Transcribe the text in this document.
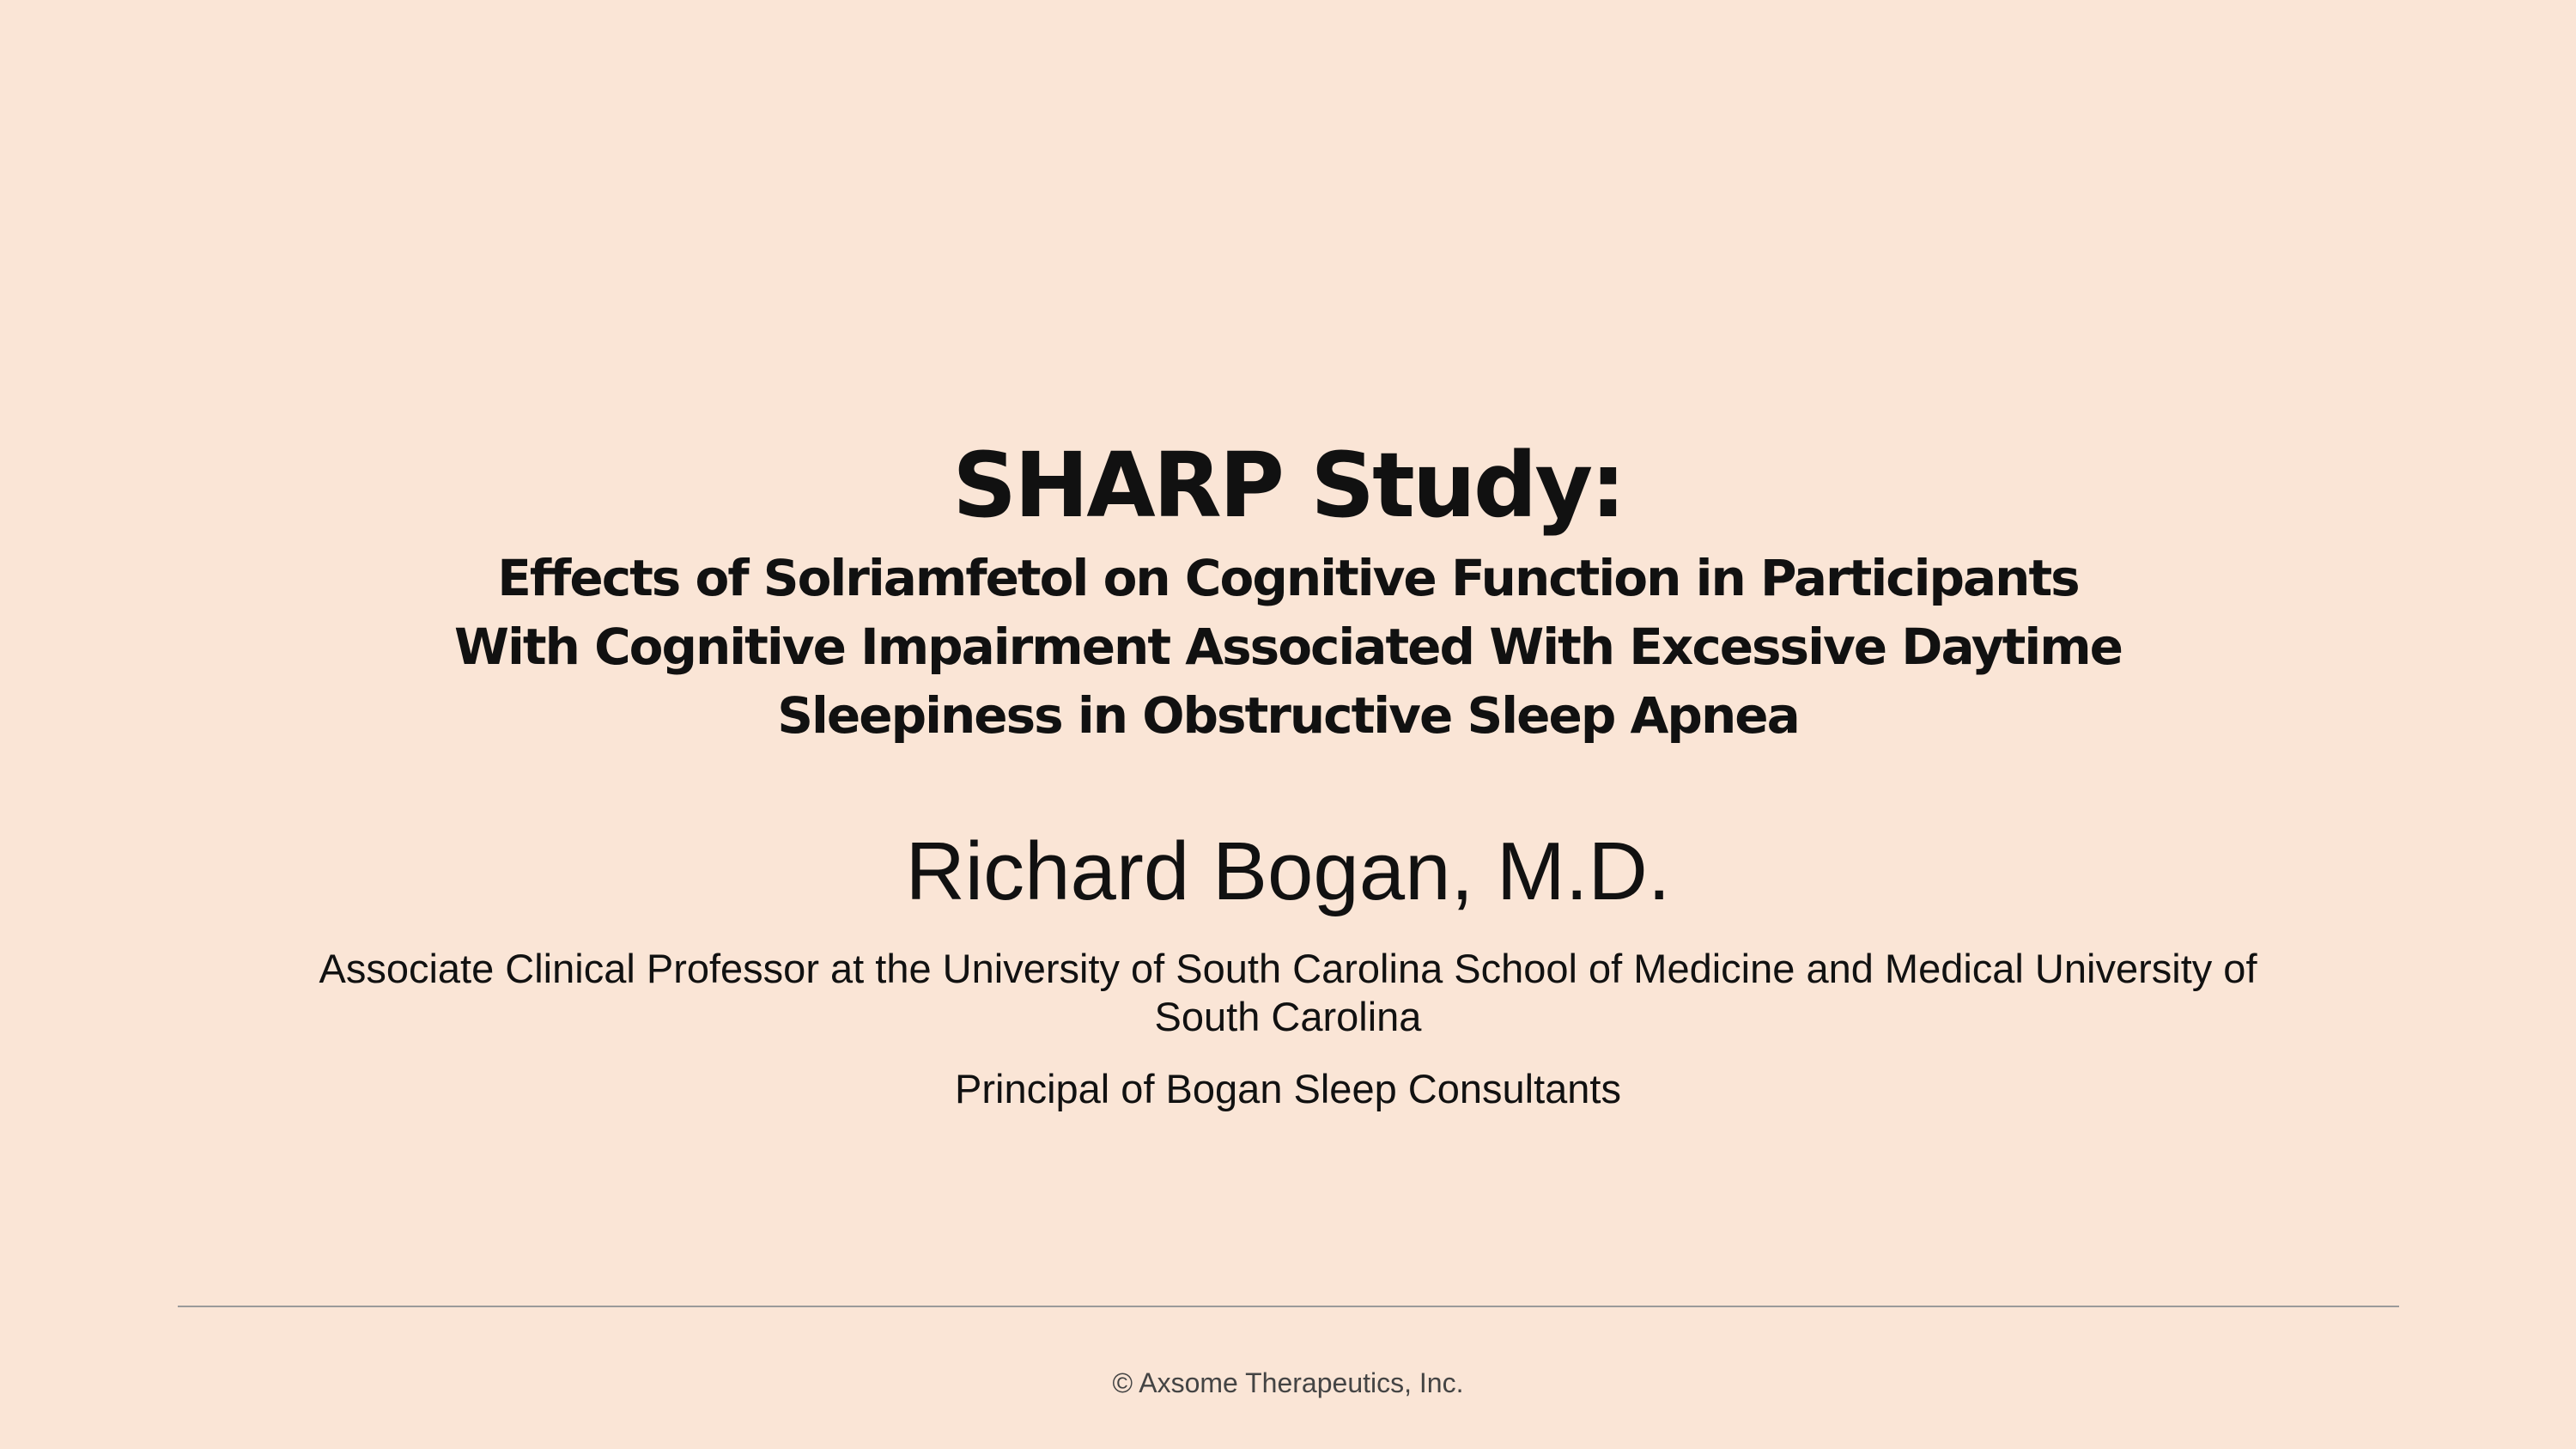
SHARP Study:
Effects of Solriamfetol on Cognitive Function in Participants
With Cognitive Impairment Associated With Excessive Daytime
Sleepiness in Obstructive Sleep Apnea
Richard Bogan, M.D.
Associate Clinical Professor at the University of South Carolina School of Medicine and Medical University of
South Carolina
Principal of Bogan Sleep Consultants
© Axsome Therapeutics, Inc.
